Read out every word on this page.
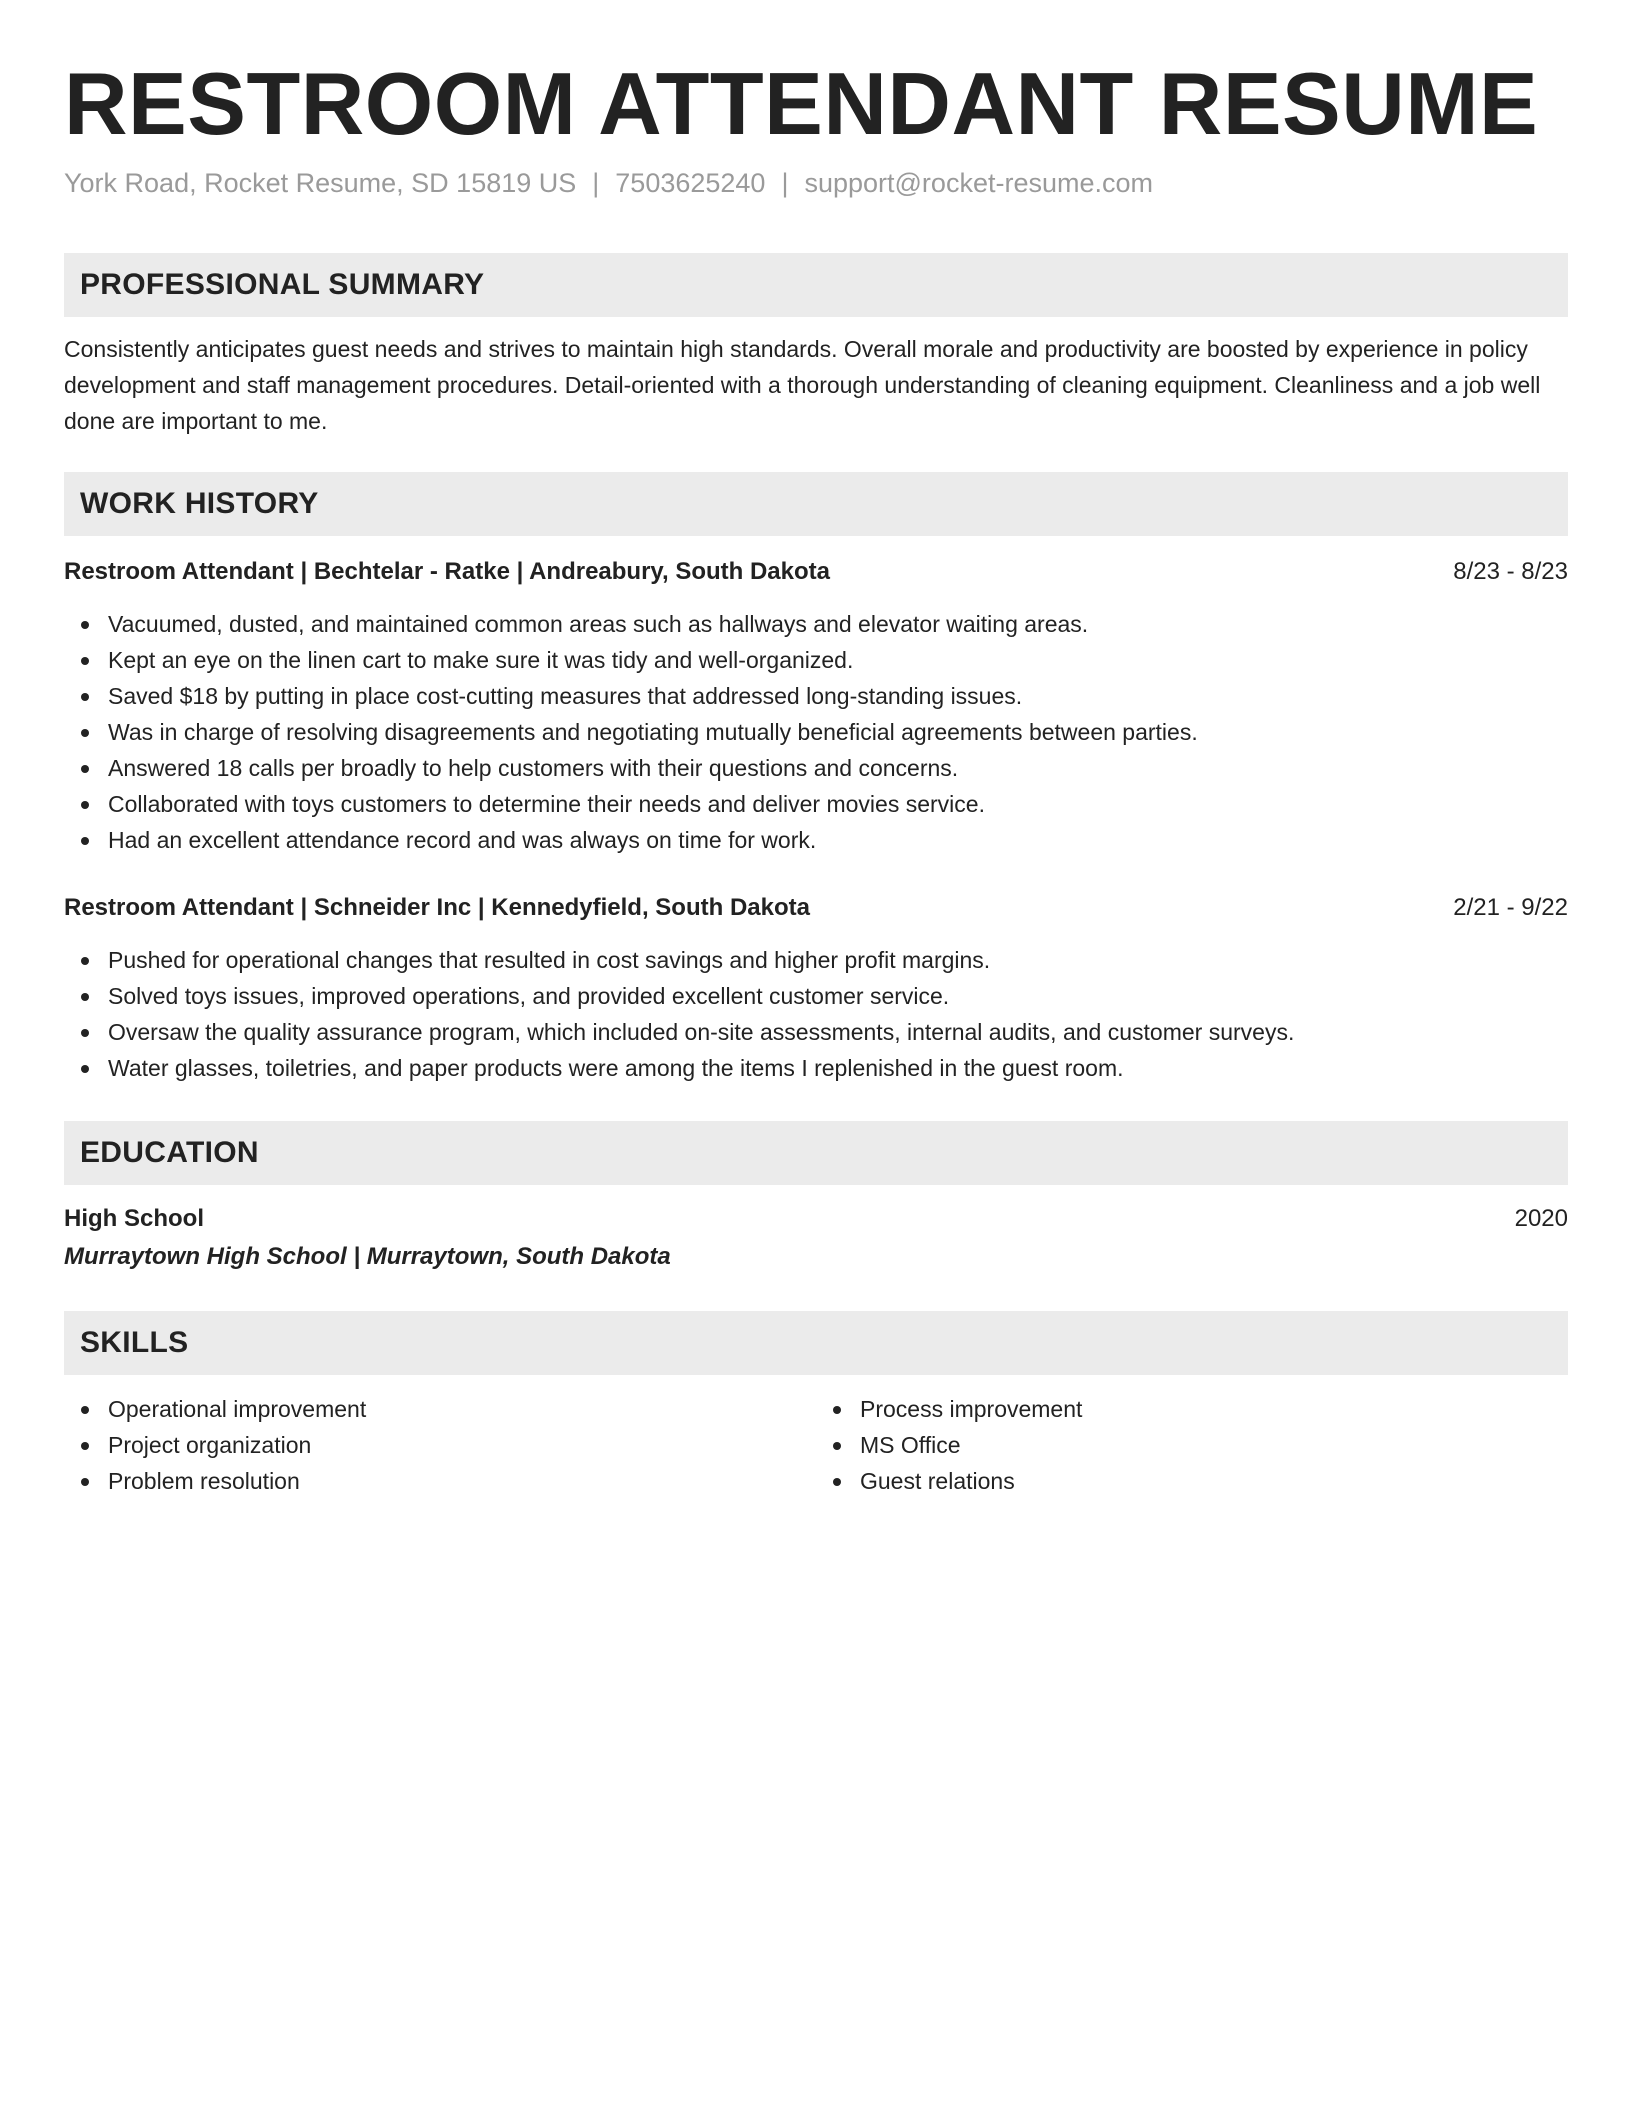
RESTROOM ATTENDANT RESUME
York Road, Rocket Resume, SD 15819 US | 7503625240 | support@rocket-resume.com
PROFESSIONAL SUMMARY

Consistently anticipates guest needs and strives to maintain high standards. Overall morale and productivity are boosted by experience in policy development and staff management procedures. Detail-oriented with a thorough understanding of cleaning equipment. Cleanliness and a job well done are important to me.

WORK HISTORY
Restroom Attendant | Bechtelar - Ratke | Andreabury, South Dakota	8/23 - 8/23
Vacuumed, dusted, and maintained common areas such as hallways and elevator waiting areas.
Kept an eye on the linen cart to make sure it was tidy and well-organized.
Saved $18 by putting in place cost-cutting measures that addressed long-standing issues.
Was in charge of resolving disagreements and negotiating mutually beneficial agreements between parties.
Answered 18 calls per broadly to help customers with their questions and concerns.
Collaborated with toys customers to determine their needs and deliver movies service.
Had an excellent attendance record and was always on time for work.
Restroom Attendant | Schneider Inc | Kennedyfield, South Dakota	2/21 - 9/22
Pushed for operational changes that resulted in cost savings and higher profit margins.
Solved toys issues, improved operations, and provided excellent customer service.
Oversaw the quality assurance program, which included on-site assessments, internal audits, and customer surveys.
Water glasses, toiletries, and paper products were among the items I replenished in the guest room.
EDUCATION
High School	2020
Murraytown High School | Murraytown, South Dakota
SKILLS
Operational improvement
Project organization
Problem resolution
Process improvement
MS Office
Guest relations
